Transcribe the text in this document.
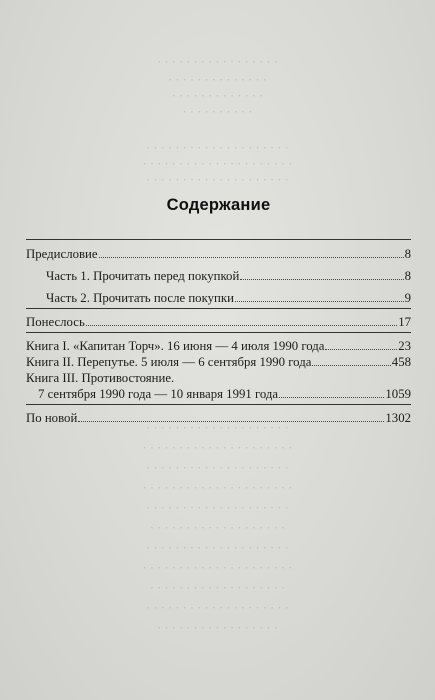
· · · · · · · · · · · · · · · · ·
· · · · · · · · · · · · · ·
· · · · · · · · · · · · ·
· · · · · · · · · ·
· · · · · · · · · · · · · · · · · · · ·
· · · · · · · · · · · · · · · · · · · · ·
· · · · · · · · · · · · · · · · · · · ·
· · · · · · · · · · · · · · · · · · · ·
· · · · · · · · · · · · · · · · · · · · ·
· · · · · · · · · · · · · · · · · · · ·
· · · · · · · · · · · · · · · · · · · · ·
· · · · · · · · · · · · · · · · · · · ·
· · · · · · · · · · · · · · · · · · ·
· · · · · · · · · · · · · · · · · · · ·
· · · · · · · · · · · · · · · · · · · · ·
· · · · · · · · · · · · · · · · · · ·
· · · · · · · · · · · · · · · · · · · ·
· · · · · · · · · · · · · · · · ·
Содержание
Предисловие	8
Часть 1. Прочитать перед покупкой	8
Часть 2. Прочитать после покупки	9
Понеслось	17
Книга I. «Капитан Торч». 16 июня — 4 июля 1990 года	23
Книга II. Перепутье. 5 июля — 6 сентября 1990 года	458
Книга III. Противостояние.
7 сентября 1990 года — 10 января 1991 года	1059
По новой	1302
